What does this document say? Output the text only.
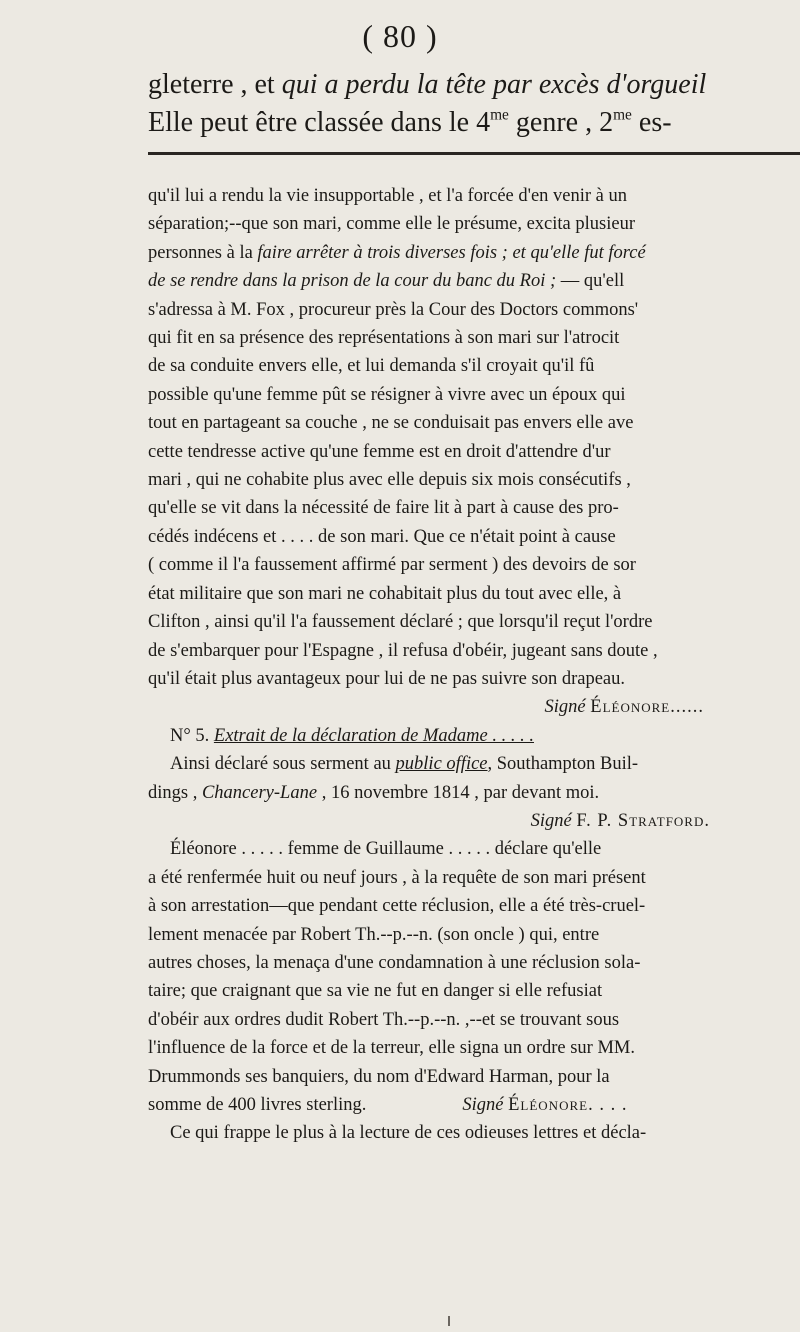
( 80 )
gleterre , et qui a perdu la tête par excès d'orgueil
Elle peut être classée dans le $4^{me}$ genre , $2^{me}$ es-
qu'il lui a rendu la vie insupportable , et l'a forcée d'en venir à un
séparation;--que son mari, comme elle le présume, excita plusieur
personnes à la faire arrêter à trois diverses fois ; et qu'elle fut forcé
de se rendre dans la prison de la cour du banc du Roi ; — qu'ell
s'adressa à M. Fox , procureur près la Cour des Doctors commons'
qui fit en sa présence des représentations à son mari sur l'atrocit
de sa conduite envers elle, et lui demanda s'il croyait qu'il fû
possible qu'une femme pût se résigner à vivre avec un époux qui
tout en partageant sa couche , ne se conduisait pas envers elle ave
cette tendresse active qu'une femme est en droit d'attendre d'ur
mari , qui ne cohabite plus avec elle depuis six mois consécutifs ,
qu'elle se vit dans la nécessité de faire lit à part à cause des pro-
cédés indécens et . . . . de son mari. Que ce n'était point à cause
( comme il l'a faussement affirmé par serment ) des devoirs de sor
état militaire que son mari ne cohabitait plus du tout avec elle, à
Clifton , ainsi qu'il l'a faussement déclaré ; que lorsqu'il reçut l'ordre
de s'embarquer pour l'Espagne , il refusa d'obéir, jugeant sans doute ,
qu'il était plus avantageux pour lui de ne pas suivre son drapeau.
Signé Éléonore......
N° 5. Extrait de la déclaration de Madame . . . . .
Ainsi déclaré sous serment au public office, Southampton Buil-
dings , Chancery-Lane , 16 novembre 1814 , par devant moi.
Signé F. P. Stratford.
Éléonore . . . . . femme de Guillaume . . . . . déclare qu'elle
a été renfermée huit ou neuf jours , à la requête de son mari présent
à son arrestation—que pendant cette réclusion, elle a été très-cruel-
lement menacée par Robert Th.--p.--n. (son oncle ) qui, entre
autres choses, la menaça d'une condamnation à une réclusion sola-
taire; que craignant que sa vie ne fut en danger si elle refusiat
d'obéir aux ordres dudit Robert Th.--p.--n. ,--et se trouvant sous
l'influence de la force et de la terreur, elle signa un ordre sur MM.
Drummonds ses banquiers, du nom d'Edward Harman, pour la
somme de 400 livres sterling.	Signé Éléonore. . . .
Ce qui frappe le plus à la lecture de ces odieuses lettres et décla-
